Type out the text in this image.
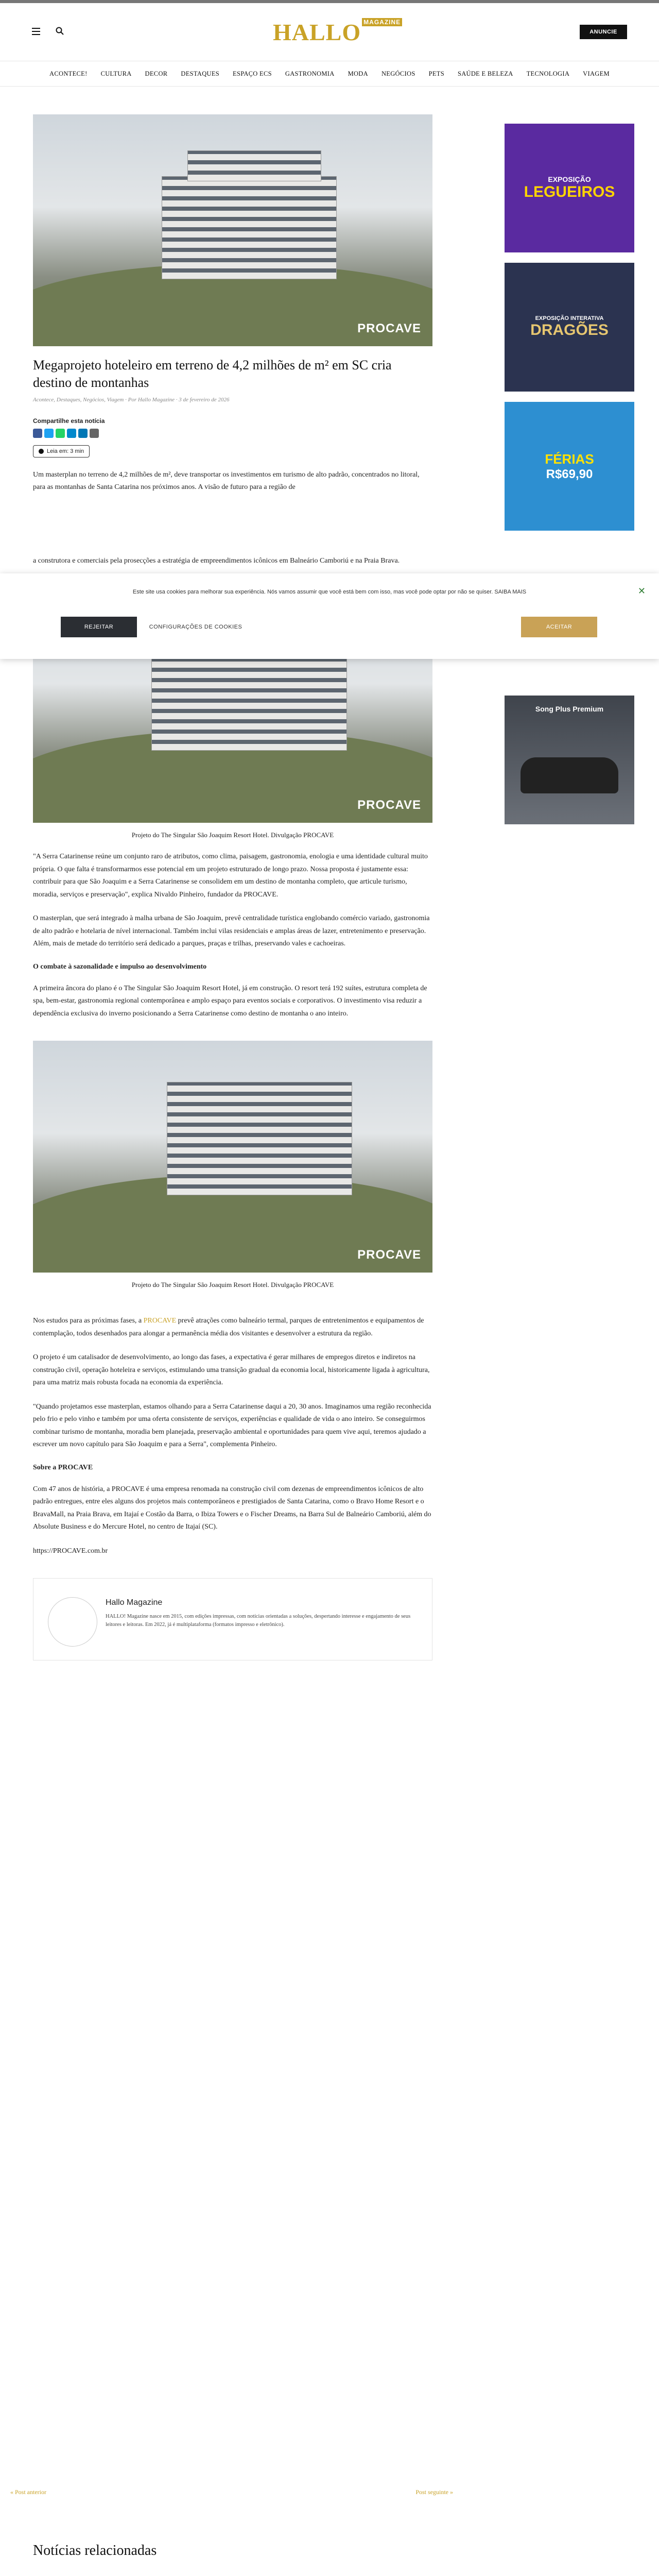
HALLO $^{MAGAZINE}$
ANUNCIE
ACONTECE!	CULTURA	DECOR	DESTAQUES	ESPAÇO ECS	GASTRONOMIA	MODA	NEGÓCIOS	PETS	SAÚDE E BELEZA	TECNOLOGIA	VIAGEM
PROCAVE
Megaprojeto hoteleiro em terreno de 4,2 milhões de m² em SC cria destino de montanhas
Acontece, Destaques, Negócios, Viagem · Por Hallo Magazine · 3 de fevereiro de 2026
Compartilhe esta notícia
Leia em: 3 min

Um masterplan no terreno de 4,2 milhões de m², deve transportar os investimentos em turismo de alto padrão, concentrados no litoral, para as montanhas de Santa Catarina nos próximos anos. A visão de futuro para a região de

a construtora e comerciais pela prosecções a estratégia de empreendimentos icônicos em Balneário Camboriú e na Praia Brava.

PROCAVE
Projeto do The Singular São Joaquim Resort Hotel. Divulgação PROCAVE

"A Serra Catarinense reúne um conjunto raro de atributos, como clima, paisagem, gastronomia, enologia e uma identidade cultural muito própria. O que falta é transformarmos esse potencial em um projeto estruturado de longo prazo. Nossa proposta é justamente essa: contribuir para que São Joaquim e a Serra Catarinense se consolidem em um destino de montanha completo, que articule turismo, moradia, serviços e preservação", explica Nivaldo Pinheiro, fundador da PROCAVE.

O masterplan, que será integrado à malha urbana de São Joaquim, prevê centralidade turística englobando comércio variado, gastronomia de alto padrão e hotelaria de nível internacional. Também inclui vilas residenciais e amplas áreas de lazer, entretenimento e preservação. Além, mais de metade do território será dedicado a parques, praças e trilhas, preservando vales e cachoeiras.

O combate à sazonalidade e impulso ao desenvolvimento

A primeira âncora do plano é o The Singular São Joaquim Resort Hotel, já em construção. O resort terá 192 suítes, estrutura completa de spa, bem-estar, gastronomia regional contemporânea e amplo espaço para eventos sociais e corporativos. O investimento visa reduzir a dependência exclusiva do inverno posicionando a Serra Catarinense como destino de montanha o ano inteiro.

PROCAVE
Projeto do The Singular São Joaquim Resort Hotel. Divulgação PROCAVE

Nos estudos para as próximas fases, a PROCAVE prevê atrações como balneário termal, parques de entretenimentos e equipamentos de contemplação, todos desenhados para alongar a permanência média dos visitantes e desenvolver a estrutura da região.

O projeto é um catalisador de desenvolvimento, ao longo das fases, a expectativa é gerar milhares de empregos diretos e indiretos na construção civil, operação hoteleira e serviços, estimulando uma transição gradual da economia local, historicamente ligada à agricultura, para uma matriz mais robusta focada na economia da experiência.

"Quando projetamos esse masterplan, estamos olhando para a Serra Catarinense daqui a 20, 30 anos. Imaginamos uma região reconhecida pelo frio e pelo vinho e também por uma oferta consistente de serviços, experiências e qualidade de vida o ano inteiro. Se conseguirmos combinar turismo de montanha, moradia bem planejada, preservação ambiental e oportunidades para quem vive aqui, teremos ajudado a escrever um novo capítulo para São Joaquim e para a Serra", complementa Pinheiro.

Sobre a PROCAVE

Com 47 anos de história, a PROCAVE é uma empresa renomada na construção civil com dezenas de empreendimentos icônicos de alto padrão entregues, entre eles alguns dos projetos mais contemporâneos e prestigiados de Santa Catarina, como o Bravo Home Resort e o BravaMall, na Praia Brava, em Itajaí e Costão da Barra, o Ibiza Towers e o Fischer Dreams, na Barra Sul de Balneário Camboriú, além do Absolute Business e do Mercure Hotel, no centro de Itajaí (SC).

https://PROCAVE.com.br

Hallo Magazine
HALLO! Magazine nasce em 2015, com edições impressas, com notícias orientadas a soluções, despertando interesse e engajamento de seus leitores e leitoras. Em 2022, já é multiplataforma (formatos impresso e eletrônico).
EXPOSIÇÃO
LEGUEIROS
EXPOSIÇÃO INTERATIVA
DRAGÕES
FÉRIAS
R$69,90
Song Plus Premium
Este site usa cookies para melhorar sua experiência. Nós vamos assumir que você está bem com isso, mas você pode optar por não se quiser. SAIBA MAIS	✕
REJEITAR	CONFIGURAÇÕES DE COOKIES	ACEITAR
« Post anterior	Post seguinte »
Notícias relacionadas
